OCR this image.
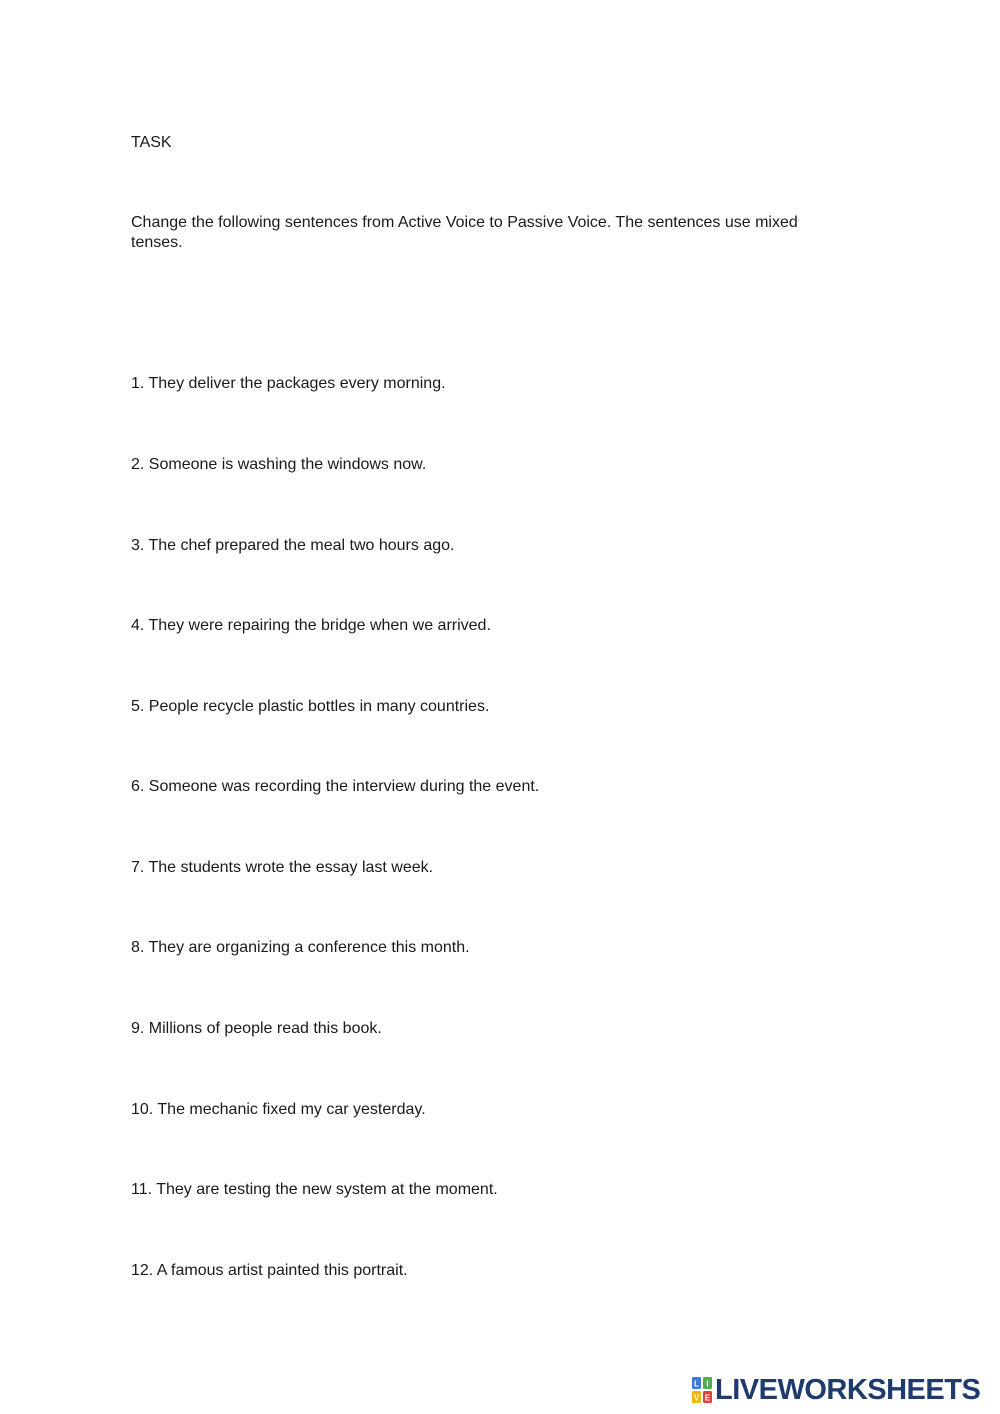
TASK
Change the following sentences from Active Voice to Passive Voice. The sentences use mixed tenses.
1. They deliver the packages every morning.
2. Someone is washing the windows now.
3. The chef prepared the meal two hours ago.
4. They were repairing the bridge when we arrived.
5. People recycle plastic bottles in many countries.
6. Someone was recording the interview during the event.
7. The students wrote the essay last week.
8. They are organizing a conference this month.
9. Millions of people read this book.
10. The mechanic fixed my car yesterday.
11. They are testing the new system at the moment.
12. A famous artist painted this portrait.
L I
V E LIVEWORKSHEETS
